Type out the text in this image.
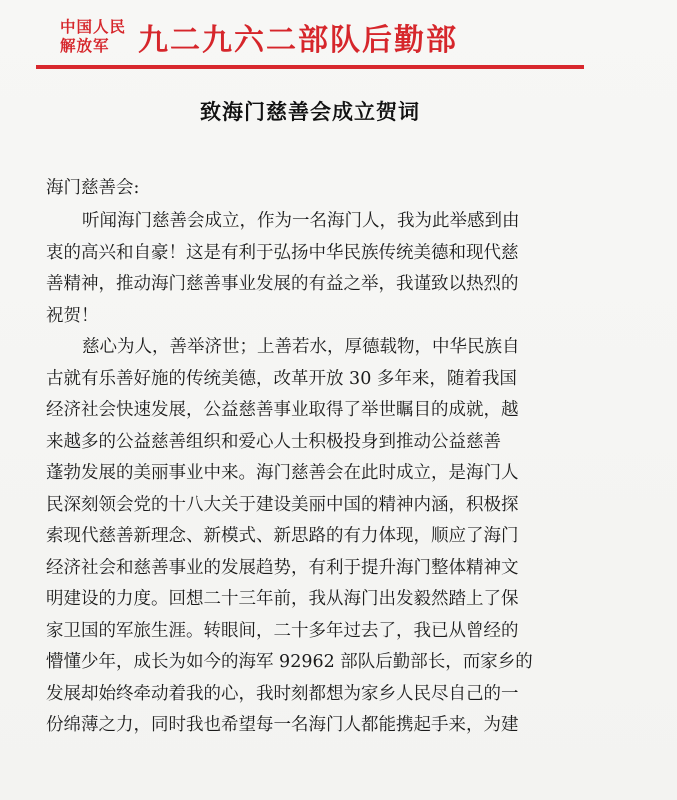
中国人民
解放军 九二九六二部队后勤部
致海门慈善会成立贺词
海门慈善会:
听闻海门慈善会成立，作为一名海门人，我为此举感到由
衷的高兴和自豪！这是有利于弘扬中华民族传统美德和现代慈
善精神，推动海门慈善事业发展的有益之举，我谨致以热烈的
祝贺！
慈心为人，善举济世；上善若水，厚德载物，中华民族自
古就有乐善好施的传统美德，改革开放 30 多年来，随着我国
经济社会快速发展，公益慈善事业取得了举世瞩目的成就，越
来越多的公益慈善组织和爱心人士积极投身到推动公益慈善
蓬勃发展的美丽事业中来。海门慈善会在此时成立，是海门人
民深刻领会党的十八大关于建设美丽中国的精神内涵，积极探
索现代慈善新理念、新模式、新思路的有力体现，顺应了海门
经济社会和慈善事业的发展趋势，有利于提升海门整体精神文
明建设的力度。回想二十三年前，我从海门出发毅然踏上了保
家卫国的军旅生涯。转眼间，二十多年过去了，我已从曾经的
懵懂少年，成长为如今的海军 92962 部队后勤部长，而家乡的
发展却始终牵动着我的心，我时刻都想为家乡人民尽自己的一
份绵薄之力，同时我也希望每一名海门人都能携起手来，为建
